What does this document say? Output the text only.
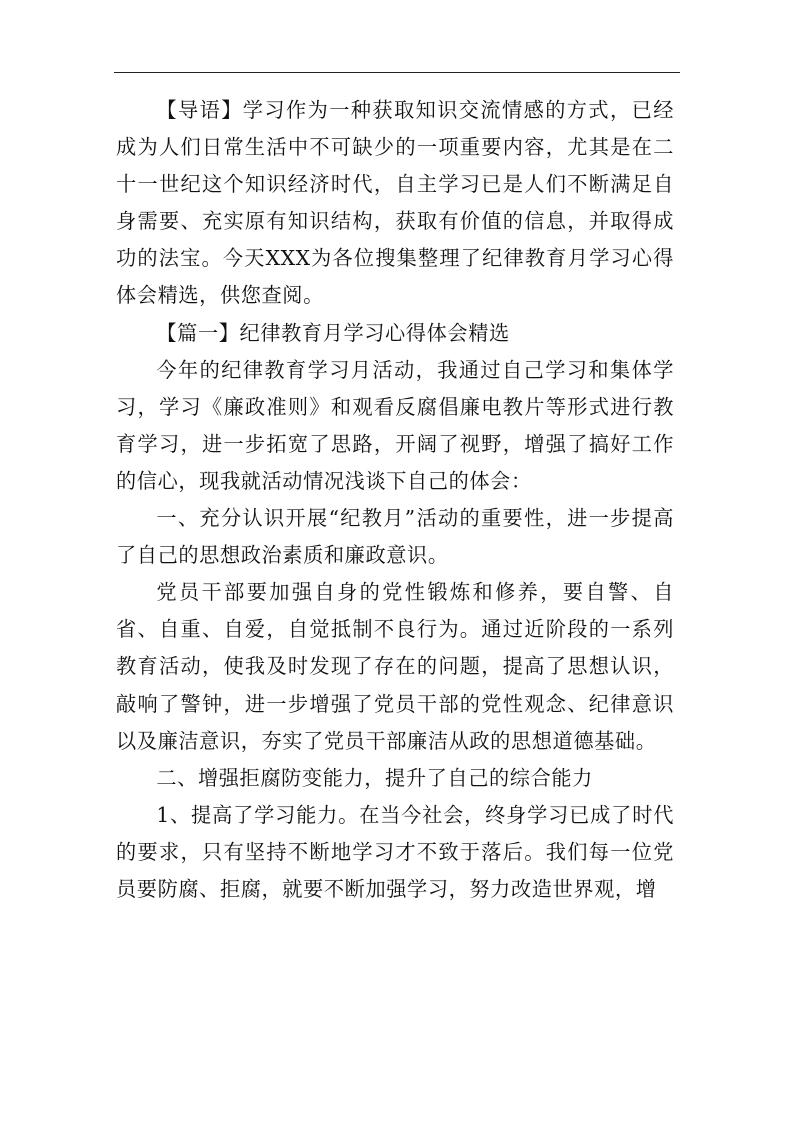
【导语】学习作为一种获取知识交流情感的方式，已经成为人们日常生活中不可缺少的一项重要内容，尤其是在二十一世纪这个知识经济时代，自主学习已是人们不断满足自身需要、充实原有知识结构，获取有价值的信息，并取得成功的法宝。今天XXX为各位搜集整理了纪律教育月学习心得体会精选，供您查阅。

【篇一】纪律教育月学习心得体会精选

今年的纪律教育学习月活动，我通过自己学习和集体学习，学习《廉政准则》和观看反腐倡廉电教片等形式进行教育学习，进一步拓宽了思路，开阔了视野，增强了搞好工作的信心，现我就活动情况浅谈下自己的体会：

一、充分认识开展“纪教月”活动的重要性，进一步提高了自己的思想政治素质和廉政意识。

党员干部要加强自身的党性锻炼和修养，要自警、自省、自重、自爱，自觉抵制不良行为。通过近阶段的一系列教育活动，使我及时发现了存在的问题，提高了思想认识，敲响了警钟，进一步增强了党员干部的党性观念、纪律意识以及廉洁意识，夯实了党员干部廉洁从政的思想道德基础。

二、增强拒腐防变能力，提升了自己的综合能力

1、提高了学习能力。在当今社会，终身学习已成了时代的要求，只有坚持不断地学习才不致于落后。我们每一位党员要防腐、拒腐，就要不断加强学习，努力改造世界观，增
